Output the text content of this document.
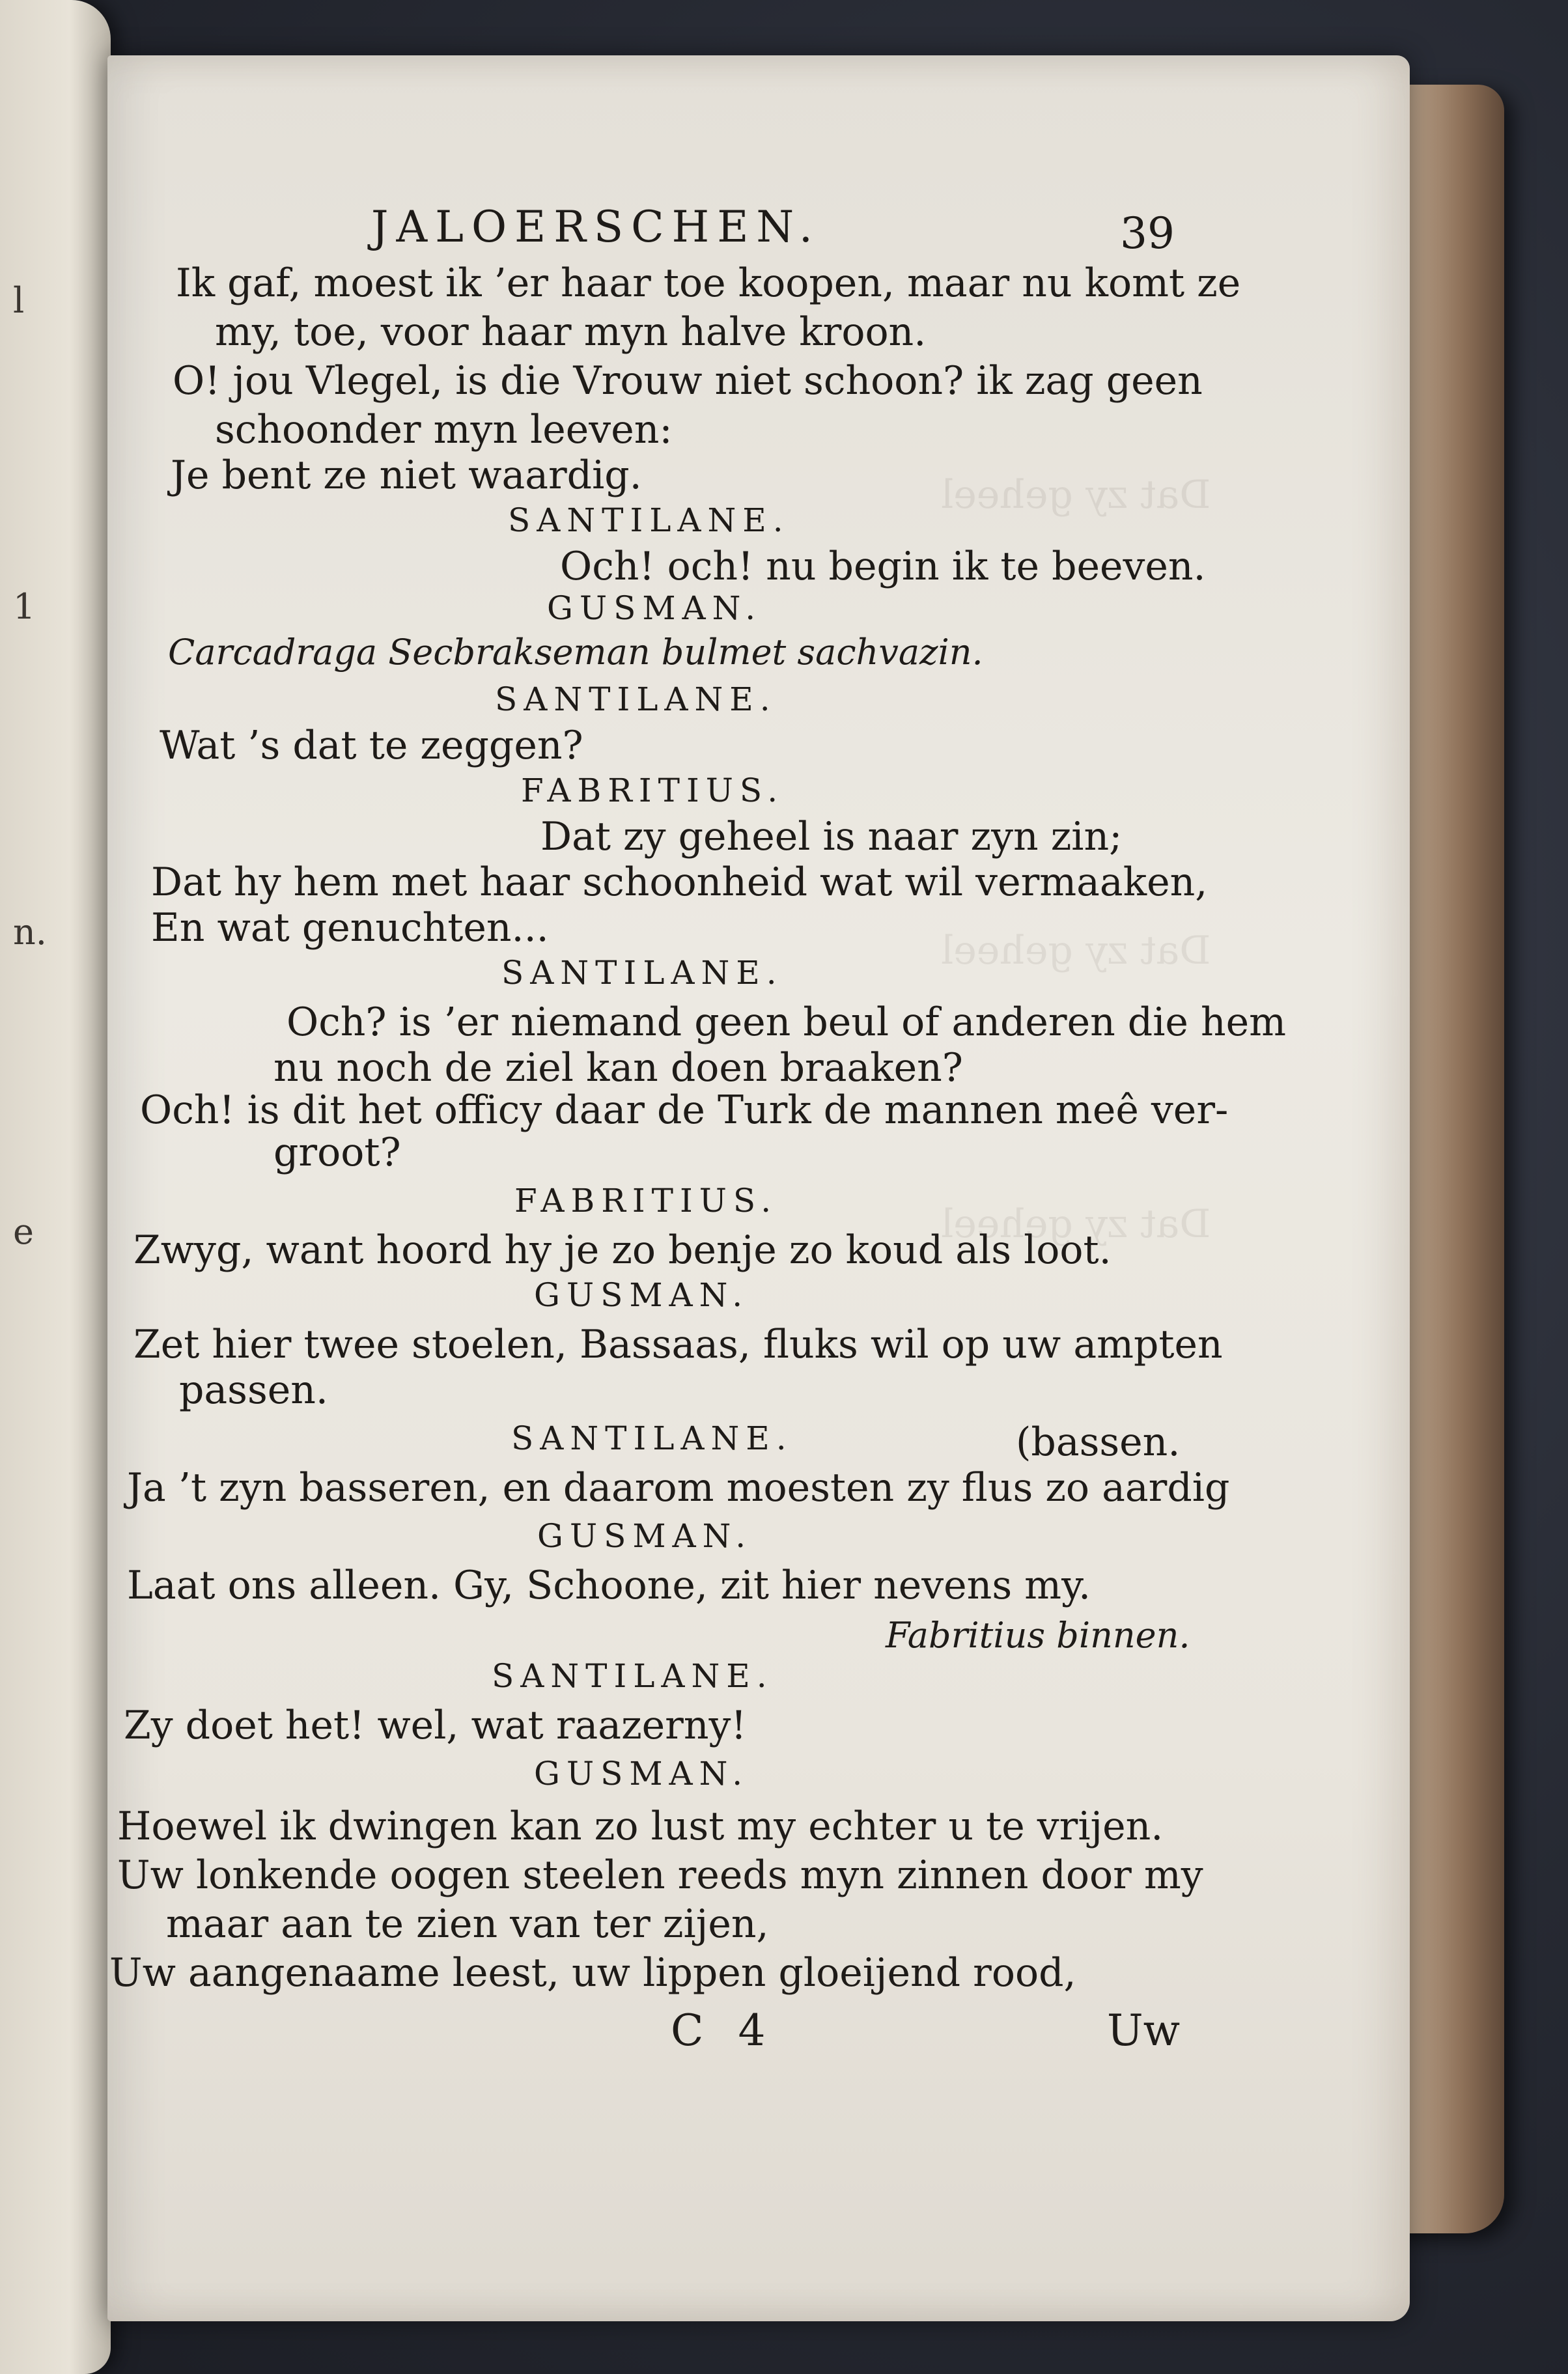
l
1
n.
e
Dat zy geheel
Dat zy geheel
Dat zy geheel
JALOERSCHEN.	39
Ik gaf, moest ik ’er haar toe koopen, maar nu komt ze
my, toe, voor haar myn halve kroon.
O! jou Vlegel, is die Vrouw niet schoon? ik zag geen
schoonder myn leeven:
Je bent ze niet waardig.
SANTILANE.
Och! och! nu begin ik te beeven.
GUSMAN.
Carcadraga Secbrakseman bulmet sachvazin.
SANTILANE.
Wat ’s dat te zeggen?
FABRITIUS.
Dat zy geheel is naar zyn zin;
Dat hy hem met haar schoonheid wat wil vermaaken,
En wat genuchten...
SANTILANE.
Och? is ’er niemand geen beul of anderen die hem
nu noch de ziel kan doen braaken?
Och! is dit het officy daar de Turk de mannen meê ver-
groot?
FABRITIUS.
Zwyg, want hoord hy je zo benje zo koud als loot.
GUSMAN.
Zet hier twee stoelen, Bassaas, fluks wil op uw ampten
passen.
SANTILANE.	(bassen.
Ja ’t zyn basseren, en daarom moesten zy flus zo aardig
GUSMAN.
Laat ons alleen. Gy, Schoone, zit hier nevens my.
Fabritius binnen.
SANTILANE.
Zy doet het! wel, wat raazerny!
GUSMAN.
Hoewel ik dwingen kan zo lust my echter u te vrijen.
Uw lonkende oogen steelen reeds myn zinnen door my
maar aan te zien van ter zijen,
Uw aangenaame leest, uw lippen gloeijend rood,
C 4	Uw
